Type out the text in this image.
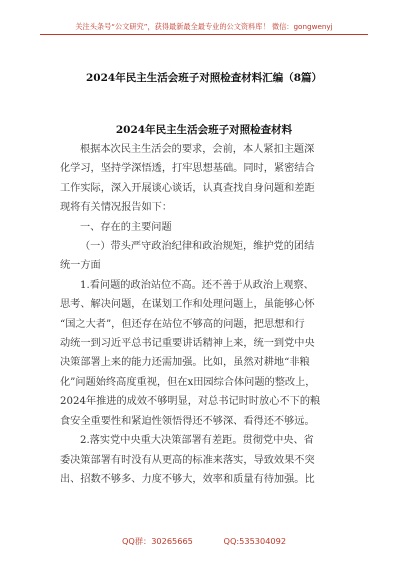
关注头条号“公文研究”，获得最新最全最专业的公文资料库！ 微信：gongwenyj
2024年民主生活会班子对照检查材料汇编（8篇）
2024年民主生活会班子对照检查材料

根据本次民主生活会的要求，会前，本人紧扣主题深

化学习，坚持学深悟透，打牢思想基础。同时，紧密结合

工作实际，深入开展谈心谈话，认真查找自身问题和差距

现将有关情况报告如下：

一、存在的主要问题

（一）带头严守政治纪律和政治规矩，维护党的团结

统一方面

1.看问题的政治站位不高。还不善于从政治上观察、

思考、解决问题，在谋划工作和处理问题上，虽能够心怀

“国之大者”，但还存在站位不够高的问题，把思想和行

动统一到习近平总书记重要讲话精神上来，统一到党中央

决策部署上来的能力还需加强。比如，虽然对耕地“非粮

化”问题始终高度重视，但在x田园综合体问题的整改上，

2024年推进的成效不够明显，对总书记时时放心不下的粮

食安全重要性和紧迫性领悟得还不够深、看得还不够远。

2.落实党中央重大决策部署有差距。贯彻党中央、省

委决策部署有时没有从更高的标准来落实，导致效果不突

出、招数不够多、力度不够大，效率和质量有待加强。比

QQ群：30265665	QQ:535304092
